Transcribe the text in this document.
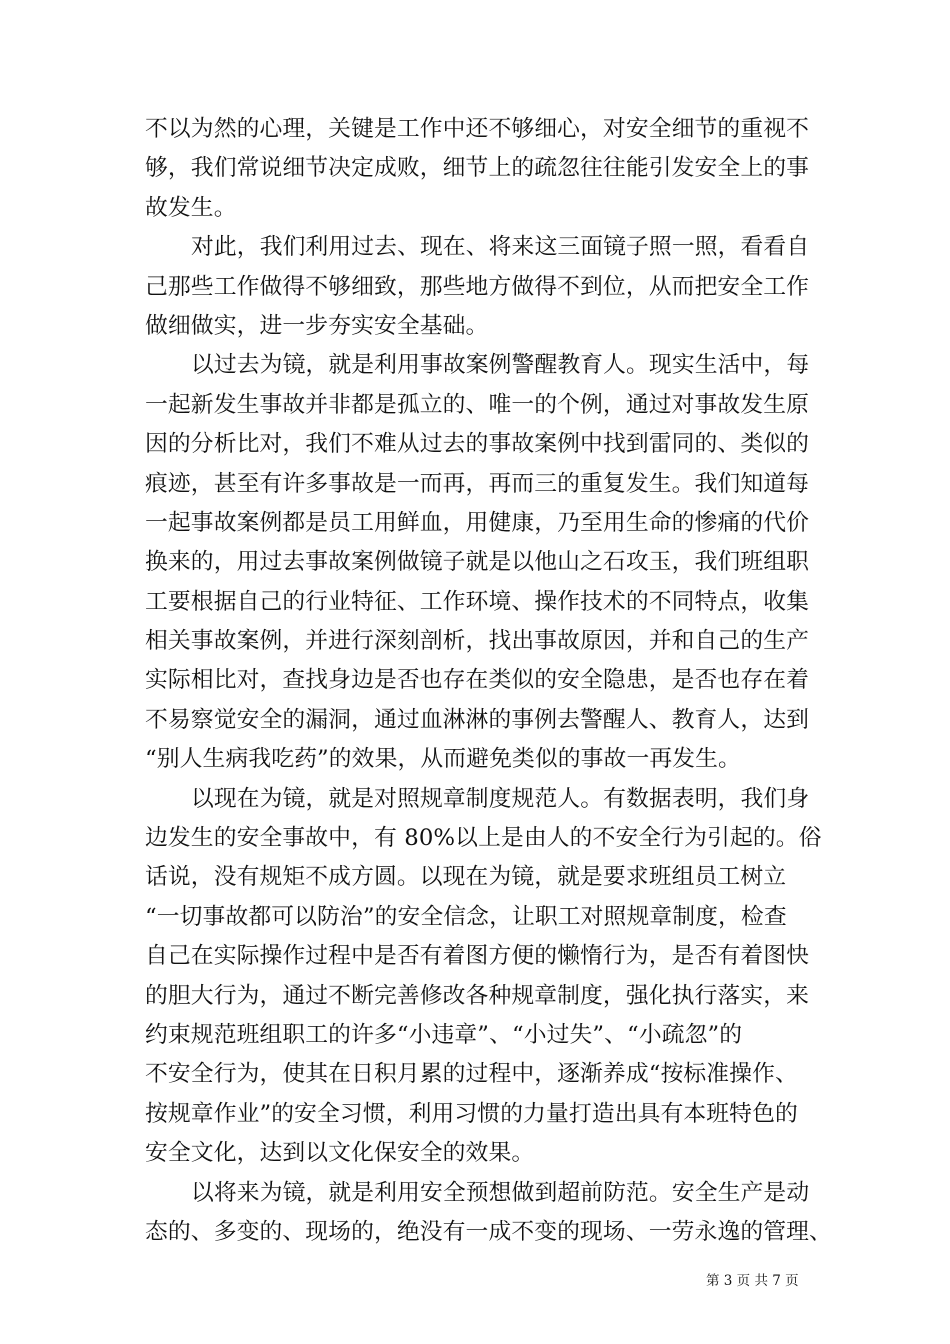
不以为然的心理，关键是工作中还不够细心，对安全细节的重视不
够，我们常说细节决定成败，细节上的疏忽往往能引发安全上的事
故发生。
对此，我们利用过去、现在、将来这三面镜子照一照，看看自
己那些工作做得不够细致，那些地方做得不到位，从而把安全工作
做细做实，进一步夯实安全基础。
以过去为镜，就是利用事故案例警醒教育人。现实生活中，每
一起新发生事故并非都是孤立的、唯一的个例，通过对事故发生原
因的分析比对，我们不难从过去的事故案例中找到雷同的、类似的
痕迹，甚至有许多事故是一而再，再而三的重复发生。我们知道每
一起事故案例都是员工用鲜血，用健康，乃至用生命的惨痛的代价
换来的，用过去事故案例做镜子就是以他山之石攻玉，我们班组职
工要根据自己的行业特征、工作环境、操作技术的不同特点，收集
相关事故案例，并进行深刻剖析，找出事故原因，并和自己的生产
实际相比对，查找身边是否也存在类似的安全隐患，是否也存在着
不易察觉安全的漏洞，通过血淋淋的事例去警醒人、教育人，达到
“别人生病我吃药”的效果，从而避免类似的事故一再发生。
以现在为镜，就是对照规章制度规范人。有数据表明，我们身
边发生的安全事故中，有 80%以上是由人的不安全行为引起的。俗
话说，没有规矩不成方圆。以现在为镜，就是要求班组员工树立
“一切事故都可以防治”的安全信念，让职工对照规章制度，检查
自己在实际操作过程中是否有着图方便的懒惰行为，是否有着图快
的胆大行为，通过不断完善修改各种规章制度，强化执行落实，来
约束规范班组职工的许多“小违章”、“小过失”、“小疏忽”的
不安全行为，使其在日积月累的过程中，逐渐养成“按标准操作、
按规章作业”的安全习惯，利用习惯的力量打造出具有本班特色的
安全文化，达到以文化保安全的效果。
以将来为镜，就是利用安全预想做到超前防范。安全生产是动
态的、多变的、现场的，绝没有一成不变的现场、一劳永逸的管理、
第 3 页 共 7 页
